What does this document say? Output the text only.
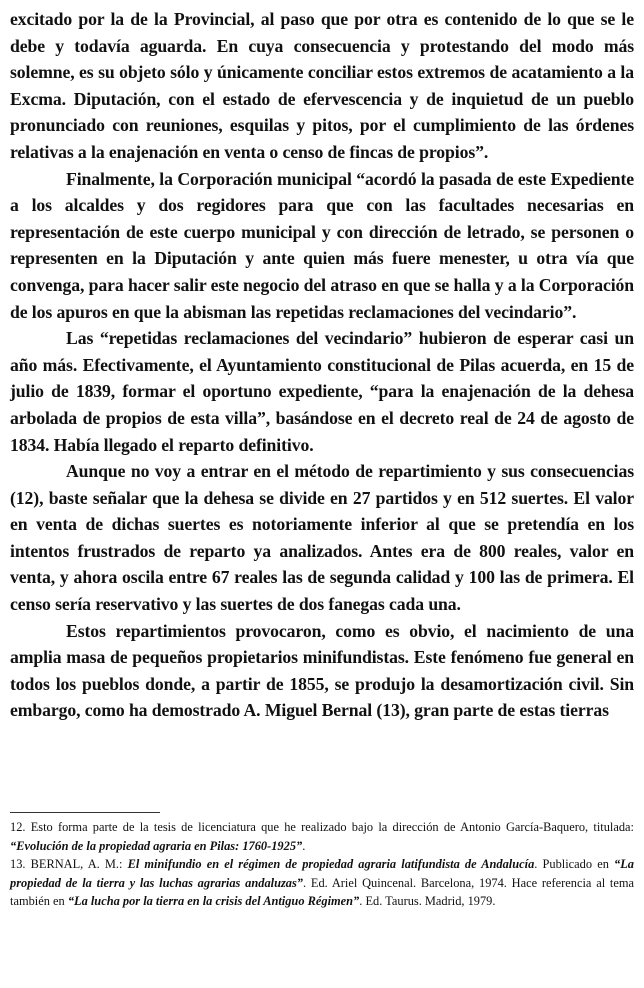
excitado por la de la Provincial, al paso que por otra es contenido de lo que se le debe y todavía aguarda. En cuya consecuencia y protestando del modo más solemne, es su objeto sólo y únicamente conciliar estos extremos de acatamiento a la Excma. Diputación, con el estado de efervescencia y de inquietud de un pueblo pronunciado con reuniones, esquilas y pitos, por el cumplimiento de las órdenes relativas a la enajenación en venta o censo de fincas de propios”.

Finalmente, la Corporación municipal “acordó la pasada de este Expediente a los alcaldes y dos regidores para que con las facultades necesarias en representación de este cuerpo municipal y con dirección de letrado, se personen o representen en la Diputación y ante quien más fuere menester, u otra vía que convenga, para hacer salir este negocio del atraso en que se halla y a la Corporación de los apuros en que la abisman las repetidas reclamaciones del vecindario”.

Las “repetidas reclamaciones del vecindario” hubieron de esperar casi un año más. Efectivamente, el Ayuntamiento constitucional de Pilas acuerda, en 15 de julio de 1839, formar el oportuno expediente, “para la enajenación de la dehesa arbolada de propios de esta villa”, basándose en el decreto real de 24 de agosto de 1834. Había llegado el reparto definitivo.

Aunque no voy a entrar en el método de repartimiento y sus consecuencias (12), baste señalar que la dehesa se divide en 27 partidos y en 512 suertes. El valor en venta de dichas suertes es notoriamente inferior al que se pretendía en los intentos frustrados de reparto ya analizados. Antes era de 800 reales, valor en venta, y ahora oscila entre 67 reales las de segunda calidad y 100 las de primera. El censo sería reservativo y las suertes de dos fanegas cada una.

Estos repartimientos provocaron, como es obvio, el nacimiento de una amplia masa de pequeños propietarios minifundistas. Este fenómeno fue general en todos los pueblos donde, a partir de 1855, se produjo la desamortización civil. Sin embargo, como ha demostrado A. Miguel Bernal (13), gran parte de estas tierras

12. Esto forma parte de la tesis de licenciatura que he realizado bajo la dirección de Antonio García-Baquero, titulada: “Evolución de la propiedad agraria en Pilas: 1760-1925”.

13. BERNAL, A. M.: El minifundio en el régimen de propiedad agraria latifundista de Andalucía. Publicado en “La propiedad de la tierra y las luchas agrarias andaluzas”. Ed. Ariel Quincenal. Barcelona, 1974. Hace referencia al tema también en “La lucha por la tierra en la crisis del Antiguo Régimen”. Ed. Taurus. Madrid, 1979.
